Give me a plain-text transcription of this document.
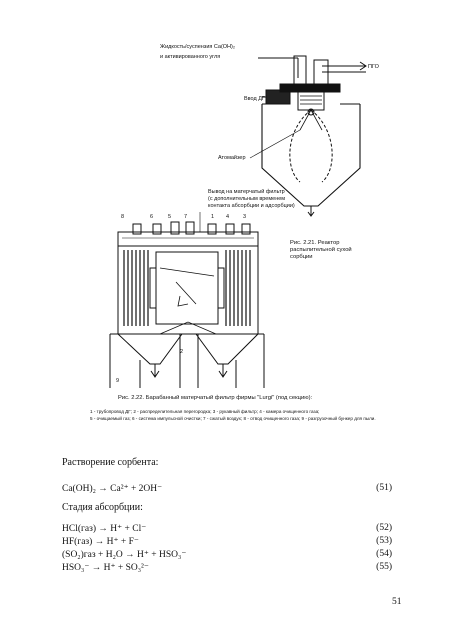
Жидкость/суспензия Ca(OH)₂
и активированного угля
ПГО
Ввод ДГ
Атомайзер
Вывод на матерчатый фильтр
(с дополнительным временем
контакта абсорбции и адсорбции)
Рис. 2.21. Реактор
распылительной сухой
сорбции
8	6	5 7	1 4	3
2
9
Рис. 2.22. Барабанный матерчатый фильтр фирмы "Lurgi" (под секцию):
1 - трубопровод ДГ; 2 - распределительная перегородка; 3 - рукавный фильтр; 4 - камера очищенного газа;
5 - очищаемый газ; 6 - система импульсной очистки; 7 - сжатый воздух; 8 - отвод очищенного газа; 9 - разгрузочный бункер для пыли.
Растворение сорбента:
Ca(OH)₂ → Ca²⁺ + 2OH⁻	(51)
Стадия абсорбции:
HCl(газ) → H⁺ + Cl⁻	(52)
HF(газ) → H⁺ + F⁻	(53)
(SO₂)газ + H₂O → H⁺ + HSO₃⁻	(54)
HSO₃⁻ → H⁺ + SO₃²⁻	(55)
51
